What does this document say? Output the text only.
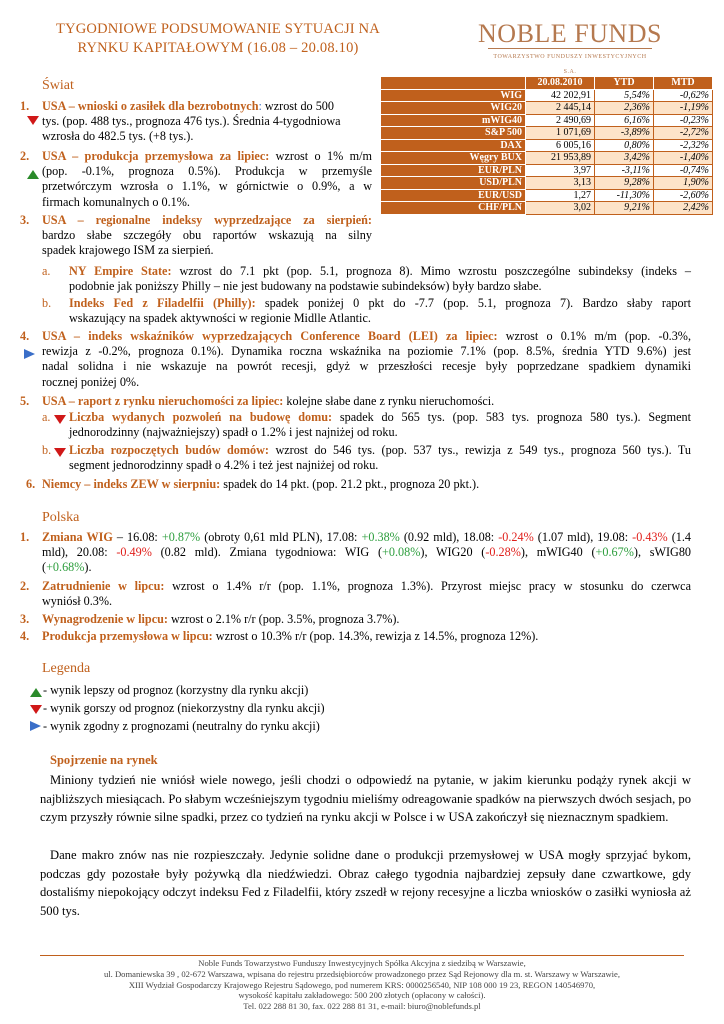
TYGODNIOWE PODSUMOWANIE SYTUACJI NA
RYNKU KAPITAŁOWYM (16.08 – 20.08.10)	NOBLE FUNDS
TOWARZYSTWO FUNDUSZY INWESTYCYJNYCH S.A.
	20.08.2010	YTD	MTD
WIG	42 202,91	5,54%	-0,62%
WIG20	2 445,14	2,36%	-1,19%
mWIG40	2 490,69	6,16%	-0,23%
S&P 500	1 071,69	-3,89%	-2,72%
DAX	6 005,16	0,80%	-2,32%
Węgry BUX	21 953,89	3,42%	-1,40%
EUR/PLN	3,97	-3,11%	-0,74%
USD/PLN	3,13	9,28%	1,90%
EUR/USD	1,27	-11,30%	-2,60%
CHF/PLN	3,02	9,21%	2,42%
Świat
1. USA – wnioski o zasiłek dla bezrobotnych: wzrost do 500
tys. (pop. 488 tys., prognoza 476 tys.). Średnia 4-tygodniowa
wzrosła do 482.5 tys. (+8 tys.).
2. USA – produkcja przemysłowa za lipiec: wzrost o 1% m/m
(pop. -0.1%, prognoza 0.5%). Produkcja w przemyśle
przetwórczym wzrosła o 1.1%, w górnictwie o 0.9%, a w
firmach komunalnych o 0.1%.
3. USA – regionalne indeksy wyprzedzające za sierpień:
bardzo słabe szczegóły obu raportów wskazują na silny
spadek krajowego ISM za sierpień.
a. NY Empire State: wzrost do 7.1 pkt (pop. 5.1, prognoza 8). Mimo wzrostu poszczególne subindeksy (indeks –
podobnie jak poniższy Philly – nie jest budowany na podstawie subindeksów) były bardzo słabe.
b. Indeks Fed z Filadelfii (Philly): spadek poniżej 0 pkt do -7.7 (pop. 5.1, prognoza 7). Bardzo słaby raport
wskazujący na spadek aktywności w regionie Midlle Atlantic.
4. USA – indeks wskaźników wyprzedzających Conference Board (LEI) za lipiec: wzrost o 0.1% m/m (pop. -0.3%,
rewizja z -0.2%, prognoza 0.1%). Dynamika roczna wskaźnika na poziomie 7.1% (pop. 8.5%, średnia YTD 9.6%) jest
nadal solidna i nie wskazuje na powrót recesji, gdyż w przeszłości recesje były poprzedzane spadkiem dynamiki
rocznej poniżej 0%.
5. USA – raport z rynku nieruchomości za lipiec: kolejne słabe dane z rynku nieruchomości.
a. Liczba wydanych pozwoleń na budowę domu: spadek do 565 tys. (pop. 583 tys. prognoza 580 tys.). Segment
jednorodzinny (najważniejszy) spadł o 1.2% i jest najniżej od roku.
b. Liczba rozpoczętych budów domów: wzrost do 546 tys. (pop. 537 tys., rewizja z 549 tys., prognoza 560 tys.). Tu
segment jednorodzinny spadł o 4.2% i też jest najniżej od roku.
6. Niemcy – indeks ZEW w sierpniu: spadek do 14 pkt. (pop. 21.2 pkt., prognoza 20 pkt.).
Polska
1. Zmiana WIG – 16.08: +0.87% (obroty 0,61 mld PLN), 17.08: +0.38% (0.92 mld), 18.08: -0.24% (1.07 mld), 19.08: -0.43% (1.4
mld), 20.08: -0.49% (0.82 mld). Zmiana tygodniowa: WIG (+0.08%), WIG20 (-0.28%), mWIG40 (+0.67%), sWIG80
(+0.68%).
2. Zatrudnienie w lipcu: wzrost o 1.4% r/r (pop. 1.1%, prognoza 1.3%). Przyrost miejsc pracy w stosunku do czerwca
wyniósł 0.3%.
3. Wynagrodzenie w lipcu: wzrost o 2.1% r/r (pop. 3.5%, prognoza 3.7%).
4. Produkcja przemysłowa w lipcu: wzrost o 10.3% r/r (pop. 14.3%, rewizja z 14.5%, prognoza 12%).
Legenda
- wynik lepszy od prognoz (korzystny dla rynku akcji)
- wynik gorszy od prognoz (niekorzystny dla rynku akcji)
- wynik zgodny z prognozami (neutralny do rynku akcji)
Spojrzenie na rynek
Miniony tydzień nie wniósł wiele nowego, jeśli chodzi o odpowiedź na pytanie, w jakim kierunku podąży rynek akcji w najbliższych miesiącach. Po słabym wcześniejszym tygodniu mieliśmy odreagowanie spadków na pierwszych dwóch sesjach, po czym przyszły równie silne spadki, przez co tydzień na rynku akcji w Polsce i w USA zakończył się nieznacznym spadkiem.
Dane makro znów nas nie rozpieszczały. Jedynie solidne dane o produkcji przemysłowej w USA mogły sprzyjać bykom, podczas gdy pozostałe były pożywką dla niedźwiedzi. Obraz całego tygodnia najbardziej zepsuły dane czwartkowe, gdy dostaliśmy niepokojący odczyt indeksu Fed z Filadelfii, który zszedł w rejony recesyjne a liczba wniosków o zasiłki wyniosła aż 500 tys.
Noble Funds Towarzystwo Funduszy Inwestycyjnych Spółka Akcyjna z siedzibą w Warszawie,
ul. Domaniewska 39 , 02-672 Warszawa, wpisana do rejestru przedsiębiorców prowadzonego przez Sąd Rejonowy dla m. st. Warszawy w Warszawie,
XIII Wydział Gospodarczy Krajowego Rejestru Sądowego, pod numerem KRS: 0000256540, NIP 108 000 19 23, REGON 140546970,
wysokość kapitału zakładowego: 500 200 złotych (opłacony w całości).
Tel. 022 288 81 30, fax. 022 288 81 31, e-mail: biuro@noblefunds.pl
